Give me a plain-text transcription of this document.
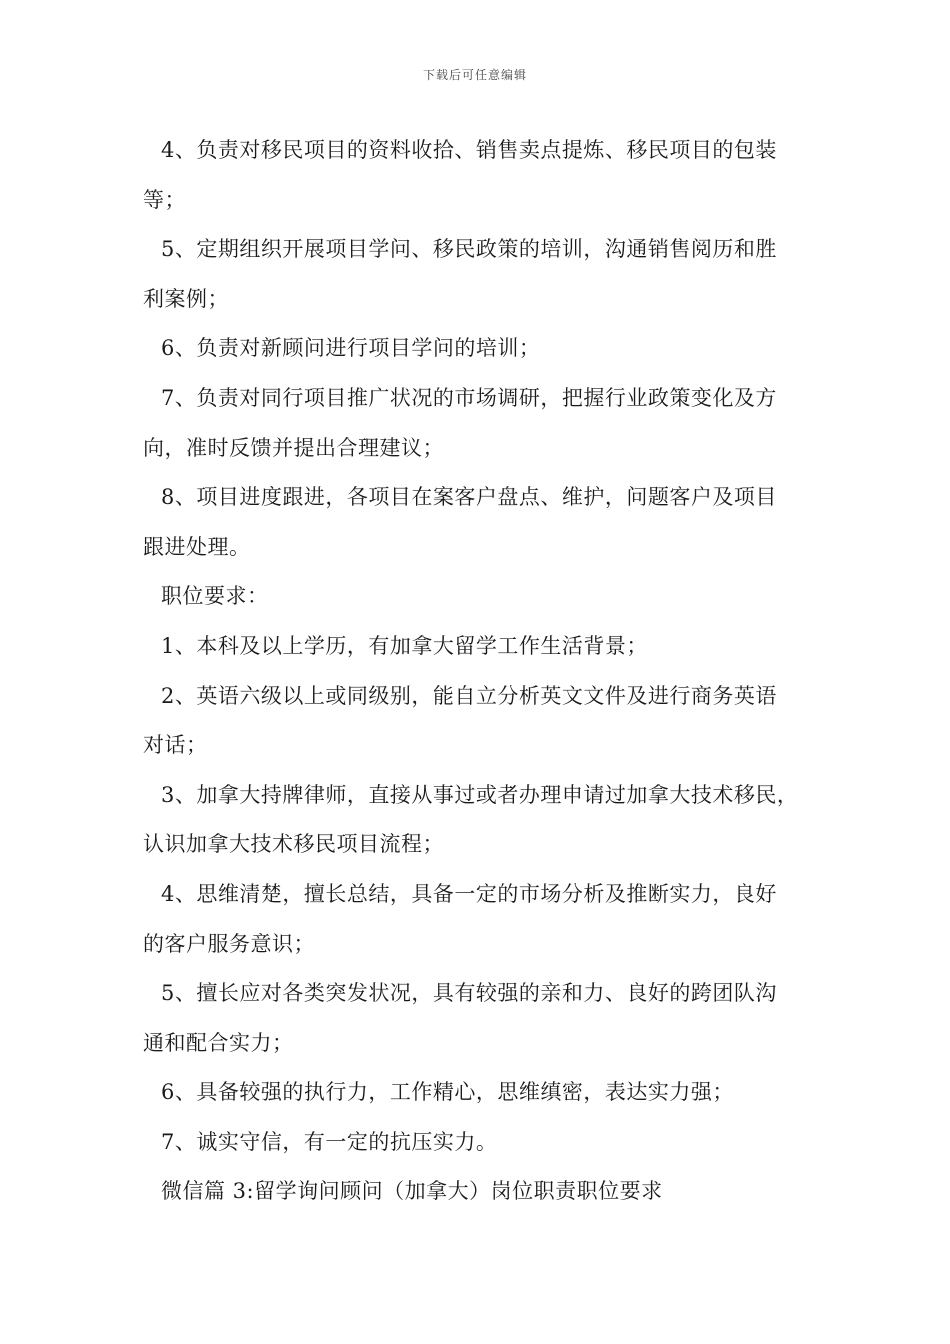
下载后可任意编辑
4、负责对移民项目的资料收拾、销售卖点提炼、移民项目的包装
等；
5、定期组织开展项目学问、移民政策的培训，沟通销售阅历和胜
利案例；
6、负责对新顾问进行项目学问的培训；
7、负责对同行项目推广状况的市场调研，把握行业政策变化及方
向，准时反馈并提出合理建议；
8、项目进度跟进，各项目在案客户盘点、维护，问题客户及项目
跟进处理。
职位要求：
1、本科及以上学历，有加拿大留学工作生活背景；
2、英语六级以上或同级别，能自立分析英文文件及进行商务英语
对话；
3、加拿大持牌律师，直接从事过或者办理申请过加拿大技术移民，
认识加拿大技术移民项目流程；
4、思维清楚，擅长总结，具备一定的市场分析及推断实力，良好
的客户服务意识；
5、擅长应对各类突发状况，具有较强的亲和力、良好的跨团队沟
通和配合实力；
6、具备较强的执行力，工作精心，思维缜密，表达实力强；
7、诚实守信，有一定的抗压实力。
微信篇 3:留学询问顾问（加拿大）岗位职责职位要求
